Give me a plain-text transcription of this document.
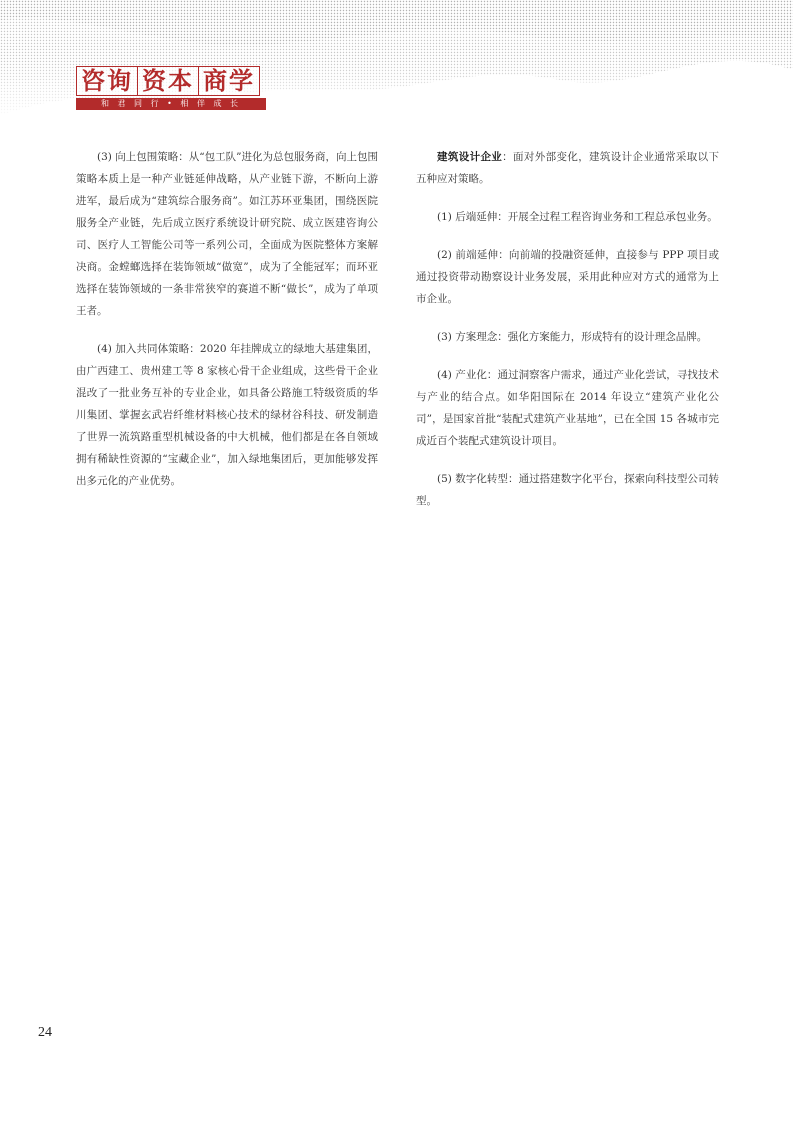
咨询 资本 商学
和 君 同 行 • 相 伴 成 长

(3) 向上包围策略：从“包工队”进化为总包服务商，向上包围策略本质上是一种产业链延伸战略，从产业链下游，不断向上游进军，最后成为“建筑综合服务商”。如江苏环亚集团，围绕医院服务全产业链，先后成立医疗系统设计研究院、成立医建咨询公司、医疗人工智能公司等一系列公司，全面成为医院整体方案解决商。金螳螂选择在装饰领域“做宽”，成为了全能冠军；而环亚选择在装饰领域的一条非常狭窄的赛道不断“做长”，成为了单项王者。

(4) 加入共同体策略：2020 年挂牌成立的绿地大基建集团，由广西建工、贵州建工等 8 家核心骨干企业组成，这些骨干企业混改了一批业务互补的专业企业，如具备公路施工特级资质的华川集团、掌握玄武岩纤维材料核心技术的绿材谷科技、研发制造了世界一流筑路重型机械设备的中大机械，他们都是在各自领域拥有稀缺性资源的“宝藏企业”，加入绿地集团后，更加能够发挥出多元化的产业优势。

建筑设计企业：面对外部变化，建筑设计企业通常采取以下五种应对策略。

(1) 后端延伸：开展全过程工程咨询业务和工程总承包业务。

(2) 前端延伸：向前端的投融资延伸，直接参与 PPP 项目或通过投资带动勘察设计业务发展，采用此种应对方式的通常为上市企业。

(3) 方案理念：强化方案能力，形成特有的设计理念品牌。

(4) 产业化：通过洞察客户需求，通过产业化尝试，寻找技术与产业的结合点。如华阳国际在 2014 年设立“建筑产业化公司”，是国家首批“装配式建筑产业基地”，已在全国 15 各城市完成近百个装配式建筑设计项目。

(5) 数字化转型：通过搭建数字化平台，探索向科技型公司转型。

24
